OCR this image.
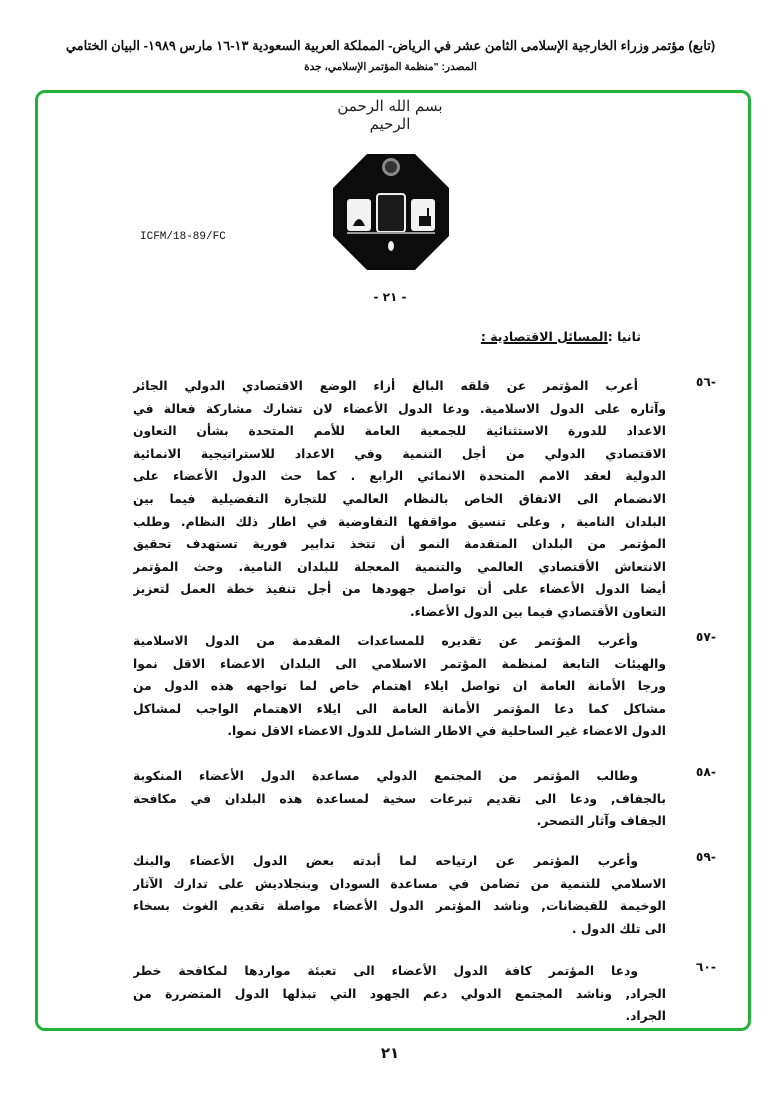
(تابع) مؤتمر وزراء الخارجية الإسلامى الثامن عشر في الرياض- المملكة العربية السعودية ١٣-١٦ مارس ١٩٨٩- البيان الختامي
المصدر: "منظمة المؤتمر الإسلامي، جدة
بسم الله الرحمن الرحيم
ICFM/18-89/FC
- ٢١ -
ثانيا :المسائل الاقتصادية :
-٥٦
أعرب المؤتمر عن قلقه البالغ أزاء الوضع الاقتصادي الدولي الجائر
وآثاره على الدول الاسلامية. ودعا الدول الأعضاء لان تشارك مشاركة فعالة في
الاعداد للدورة الاستثنائية للجمعية العامة للأمم المتحدة بشأن التعاون
الاقتصادي الدولي من أجل التنمية وفي الاعداد للاستراتيجية الانمائية
الدولية لعقد الامم المتحدة الانمائي الرابع . كما حث الدول الأعضاء على
الانضمام الى الاتفاق الخاص بالنظام العالمي للتجارة التفضيلية فيما بين
البلدان النامية , وعلى تنسيق مواقفها التفاوضية في اطار ذلك النظام. وطلب
المؤتمر من البلدان المتقدمة النمو أن تتخذ تدابير فورية تستهدف تحقيق
الانتعاش الأقتصادي العالمي والتنمية المعجلة للبلدان النامية. وحث المؤتمر
أيضا الدول الأعضاء على أن تواصل جهودها من أجل تنفيذ خطة العمل لتعزيز
التعاون الأقتصادي فيما بين الدول الأعضاء.
-٥٧
وأعرب المؤتمر عن تقديره للمساعدات المقدمة من الدول الاسلامية
والهيئات التابعة لمنظمة المؤتمر الاسلامي الى البلدان الاعضاء الاقل نموا
ورجا الأمانة العامة ان تواصل ايلاء اهتمام خاص لما تواجهه هذه الدول من
مشاكل كما دعا المؤتمر الأمانة العامة الى ايلاء الاهتمام الواجب لمشاكل
الدول الاعضاء غير الساحلية في الاطار الشامل للدول الاعضاء الاقل نموا.
-٥٨
وطالب المؤتمر من المجتمع الدولي مساعدة الدول الأعضاء المنكوبة
بالجفاف, ودعا الى تقديم تبرعات سخية لمساعدة هذه البلدان في مكافحة
الجفاف وآثار التصحر.
-٥٩
وأعرب المؤتمر عن ارتياحه لما أبدته بعض الدول الأعضاء والبنك
الاسلامي للتنمية من تضامن في مساعدة السودان وبنجلاديش على تدارك الآثار
الوخيمة للفيضانات, وناشد المؤتمر الدول الأعضاء مواصلة تقديم الغوث بسخاء
الى تلك الدول .
-٦٠
ودعا المؤتمر كافة الدول الأعضاء الى تعبئة مواردها لمكافحة خطر
الجراد, وناشد المجتمع الدولي دعم الجهود التي تبذلها الدول المتضررة من
الجراد.
٢١
